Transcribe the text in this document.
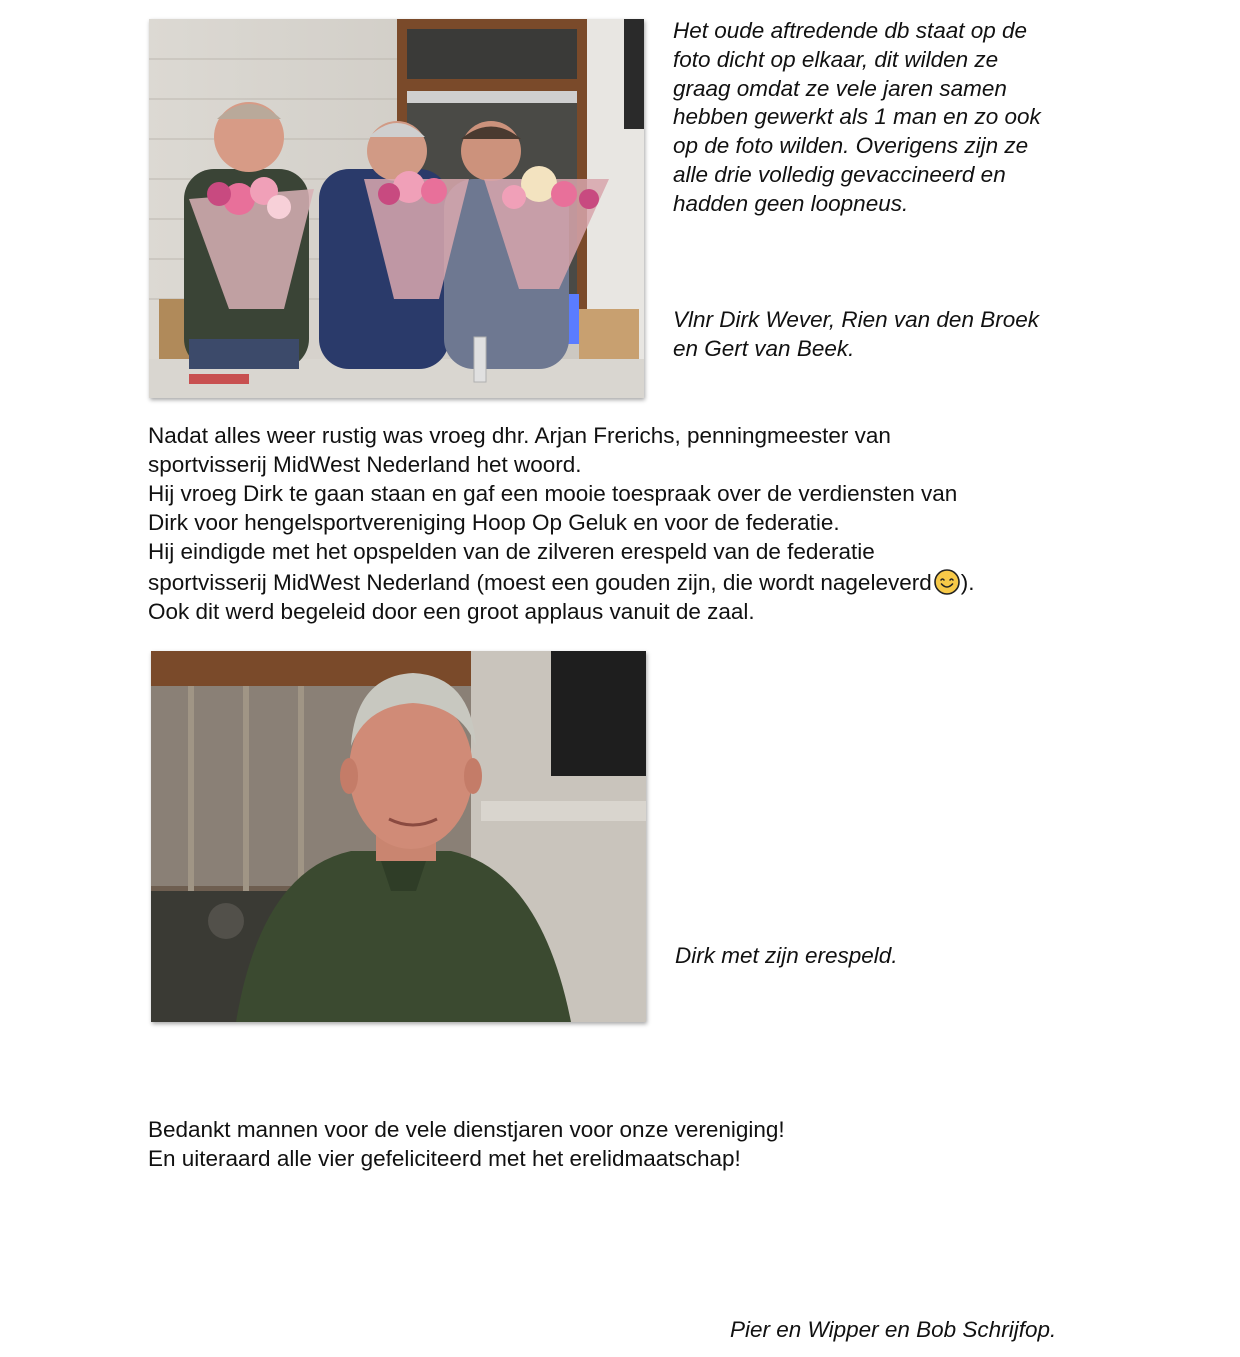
Het oude aftredende db staat op de

foto dicht op elkaar, dit wilden ze

graag omdat ze vele jaren samen

hebben gewerkt als 1 man en zo ook

op de foto wilden. Overigens zijn ze

alle drie volledig gevaccineerd en

hadden geen loopneus.

Vlnr Dirk Wever, Rien van den Broek

en Gert van Beek.

Nadat alles weer rustig was vroeg dhr. Arjan Frerichs, penningmeester van

sportvisserij MidWest Nederland het woord.

Hij vroeg Dirk te gaan staan en gaf een mooie toespraak over de verdiensten van

Dirk voor hengelsportvereniging Hoop Op Geluk en voor de federatie.

Hij eindigde met het opspelden van de zilveren erespeld van de federatie

sportvisserij MidWest Nederland (moest een gouden zijn, die wordt nageleverd ).

Ook dit werd begeleid door een groot applaus vanuit de zaal.

Dirk met zijn erespeld.

Bedankt mannen voor de vele dienstjaren voor onze vereniging!

En uiteraard alle vier gefeliciteerd met het erelidmaatschap!

Pier en Wipper en Bob Schrijfop.
